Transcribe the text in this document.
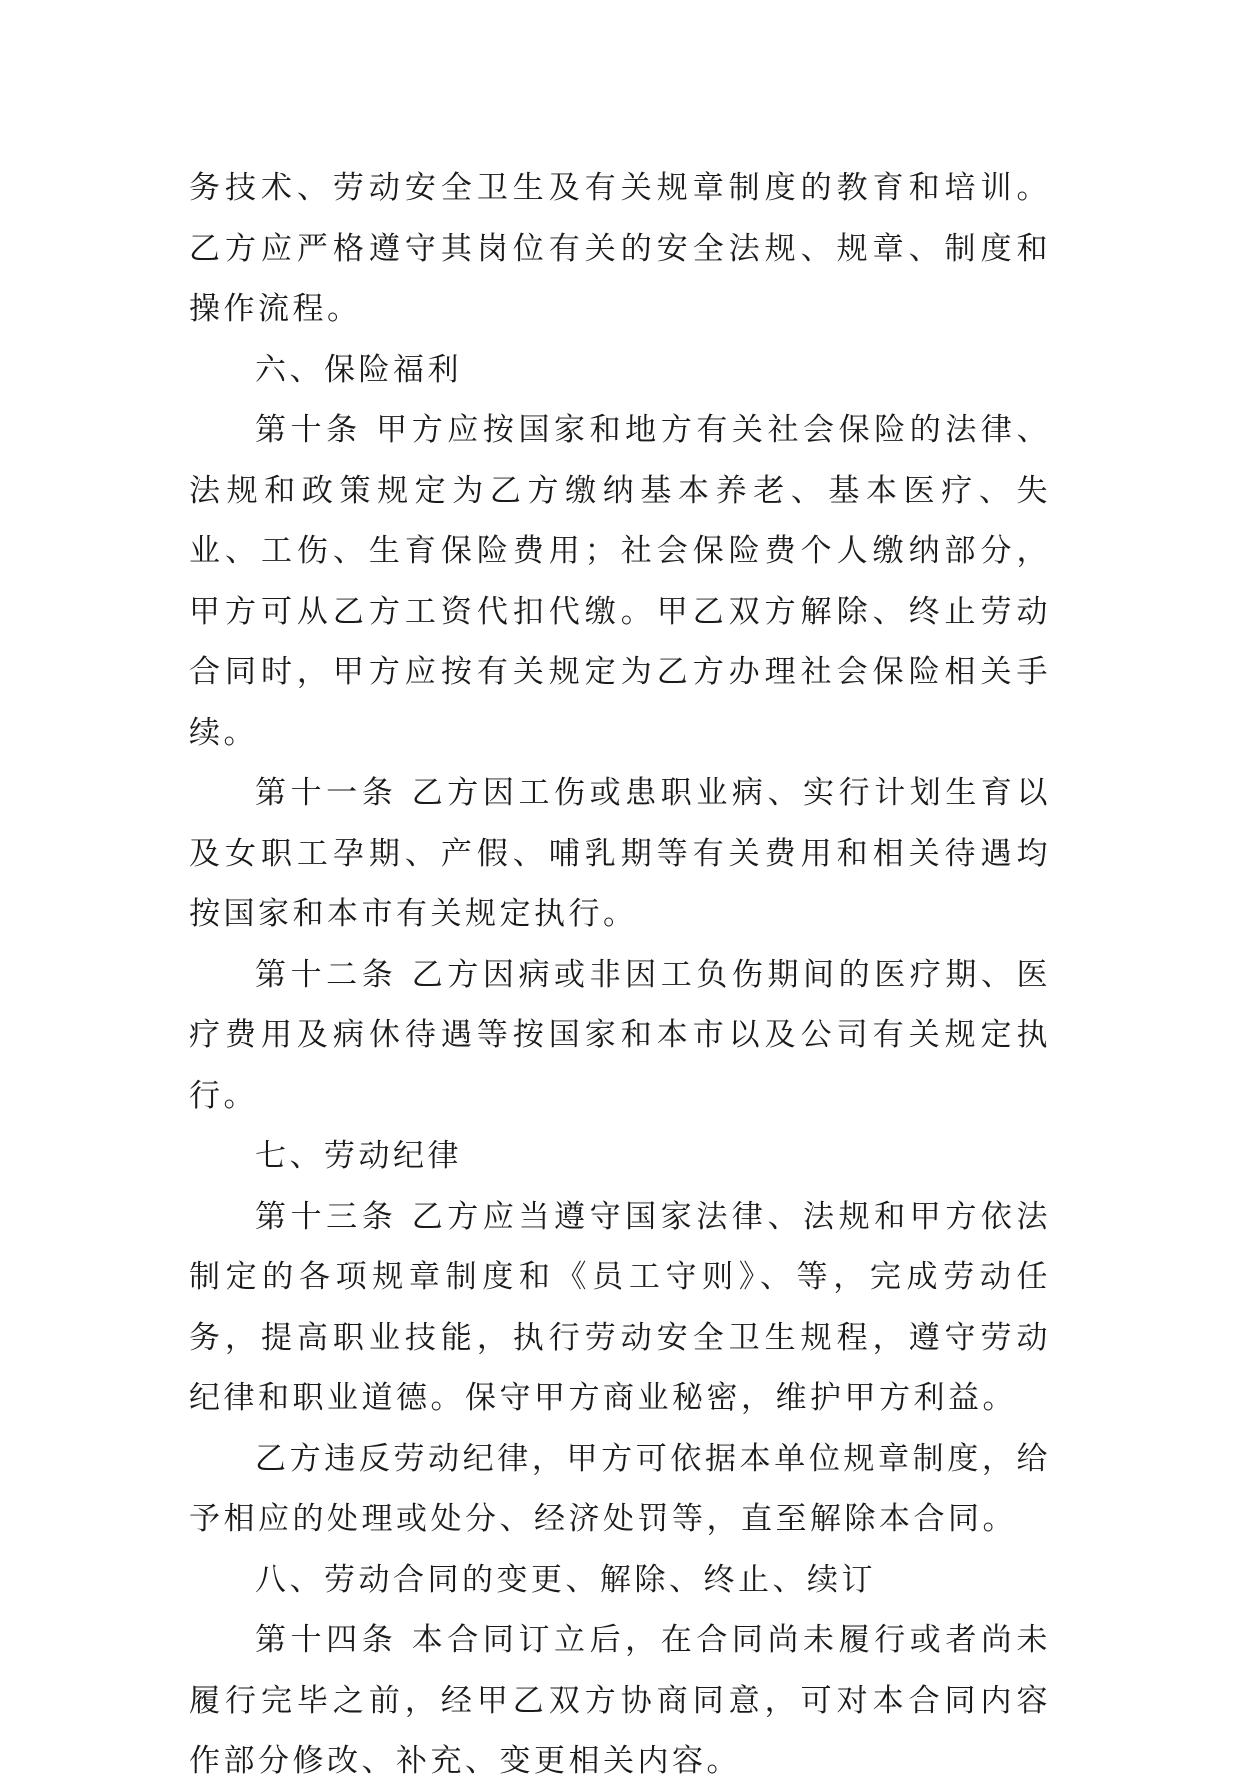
务技术、劳动安全卫生及有关规章制度的教育和培训。乙方应严格遵守其岗位有关的安全法规、规章、制度和操作流程。

六、保险福利

第十条 甲方应按国家和地方有关社会保险的法律、法规和政策规定为乙方缴纳基本养老、基本医疗、失业、工伤、生育保险费用；社会保险费个人缴纳部分，甲方可从乙方工资代扣代缴。甲乙双方解除、终止劳动合同时，甲方应按有关规定为乙方办理社会保险相关手续。

第十一条 乙方因工伤或患职业病、实行计划生育以及女职工孕期、产假、哺乳期等有关费用和相关待遇均按国家和本市有关规定执行。

第十二条 乙方因病或非因工负伤期间的医疗期、医疗费用及病休待遇等按国家和本市以及公司有关规定执行。

七、劳动纪律

第十三条 乙方应当遵守国家法律、法规和甲方依法制定的各项规章制度和《员工守则》、等，完成劳动任务，提高职业技能，执行劳动安全卫生规程，遵守劳动纪律和职业道德。保守甲方商业秘密，维护甲方利益。

乙方违反劳动纪律，甲方可依据本单位规章制度，给予相应的处理或处分、经济处罚等，直至解除本合同。

八、劳动合同的变更、解除、终止、续订

第十四条 本合同订立后，在合同尚未履行或者尚未履行完毕之前，经甲乙双方协商同意，可对本合同内容作部分修改、补充、变更相关内容。
